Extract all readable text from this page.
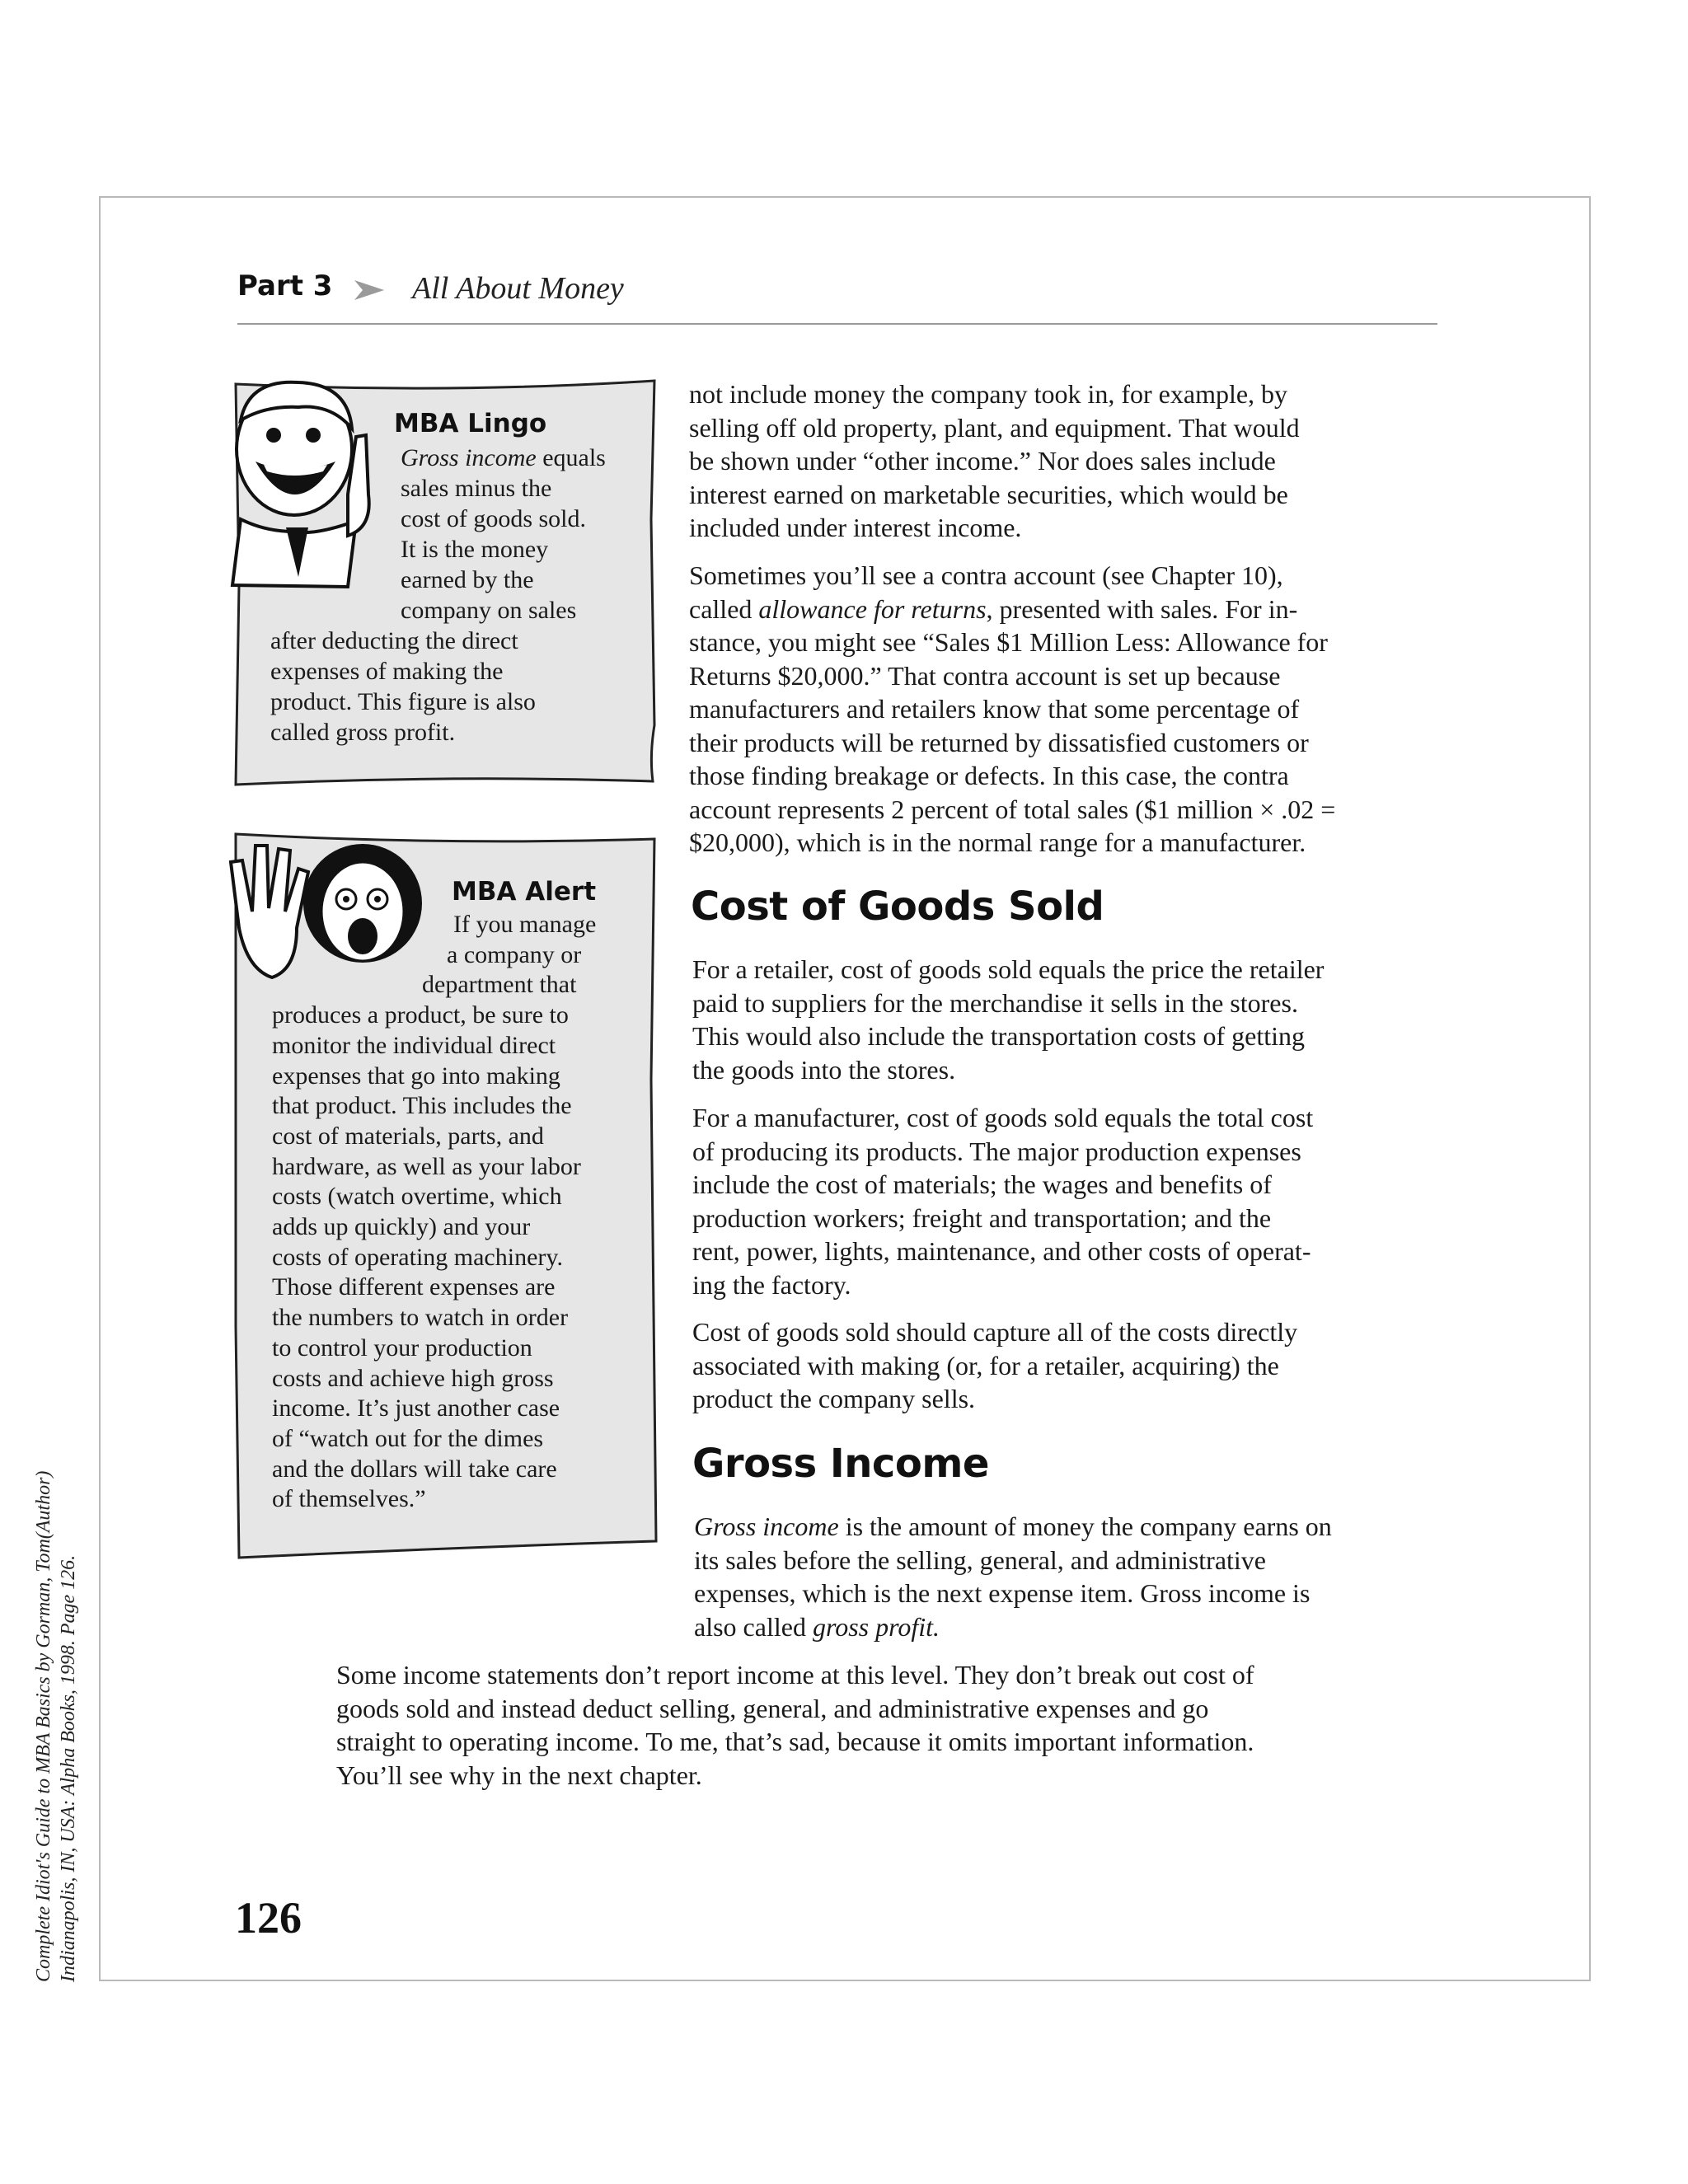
Complete Idiot's Guide to MBA Basics by Gorman, Tom(Author) Indianapolis, IN, USA: Alpha Books, 1998. Page 126.
Part 3	All About Money
MBA Lingo
Gross income equals
sales minus the
cost of goods sold.
It is the money
earned by the
company on sales
after deducting the direct
expenses of making the
product. This figure is also
called gross profit.
MBA Alert
If you manage
a company or
department that
produces a product, be sure to
monitor the individual direct
expenses that go into making
that product. This includes the
cost of materials, parts, and
hardware, as well as your labor
costs (watch overtime, which
adds up quickly) and your
costs of operating machinery.
Those different expenses are
the numbers to watch in order
to control your production
costs and achieve high gross
income. It’s just another case
of “watch out for the dimes
and the dollars will take care
of themselves.”
not include money the company took in, for example, by
selling off old property, plant, and equipment. That would
be shown under “other income.” Nor does sales include
interest earned on marketable securities, which would be
included under interest income.
Sometimes you’ll see a contra account (see Chapter 10),
called allowance for returns, presented with sales. For in-
stance, you might see “Sales $1 Million Less: Allowance for
Returns $20,000.” That contra account is set up because
manufacturers and retailers know that some percentage of
their products will be returned by dissatisfied customers or
those finding breakage or defects. In this case, the contra
account represents 2 percent of total sales ($1 million × .02 =
$20,000), which is in the normal range for a manufacturer.
Cost of Goods Sold
For a retailer, cost of goods sold equals the price the retailer
paid to suppliers for the merchandise it sells in the stores.
This would also include the transportation costs of getting
the goods into the stores.
For a manufacturer, cost of goods sold equals the total cost
of producing its products. The major production expenses
include the cost of materials; the wages and benefits of
production workers; freight and transportation; and the
rent, power, lights, maintenance, and other costs of operat-
ing the factory.
Cost of goods sold should capture all of the costs directly
associated with making (or, for a retailer, acquiring) the
product the company sells.
Gross Income
Gross income is the amount of money the company earns on
its sales before the selling, general, and administrative
expenses, which is the next expense item. Gross income is
also called gross profit.
Some income statements don’t report income at this level. They don’t break out cost of
goods sold and instead deduct selling, general, and administrative expenses and go
straight to operating income. To me, that’s sad, because it omits important information.
You’ll see why in the next chapter.
126
